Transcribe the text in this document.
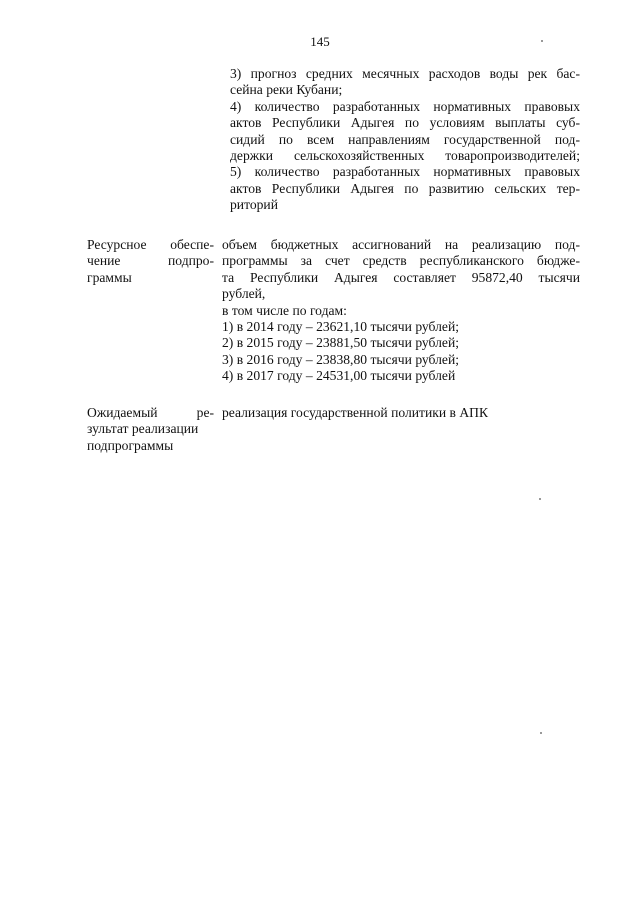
145
3) прогноз средних месячных расходов воды рек бас-
сейна реки Кубани;
4) количество разработанных нормативных правовых
актов Республики Адыгея по условиям выплаты суб-
сидий по всем направлениям государственной под-
держки сельскохозяйственных товаропроизводителей;
5) количество разработанных нормативных правовых
актов Республики Адыгея по развитию сельских тер-
риторий
Ресурсное обеспе-
чение подпро-
граммы
объем бюджетных ассигнований на реализацию под-
программы за счет средств республиканского бюдже-
та Республики Адыгея составляет 95872,40 тысячи
рублей,
в том числе по годам:
1) в 2014 году – 23621,10 тысячи рублей;
2) в 2015 году – 23881,50 тысячи рублей;
3) в 2016 году – 23838,80 тысячи рублей;
4) в 2017 году – 24531,00 тысячи рублей
Ожидаемый ре-
зультат реализации
подпрограммы
реализация государственной политики в АПК
